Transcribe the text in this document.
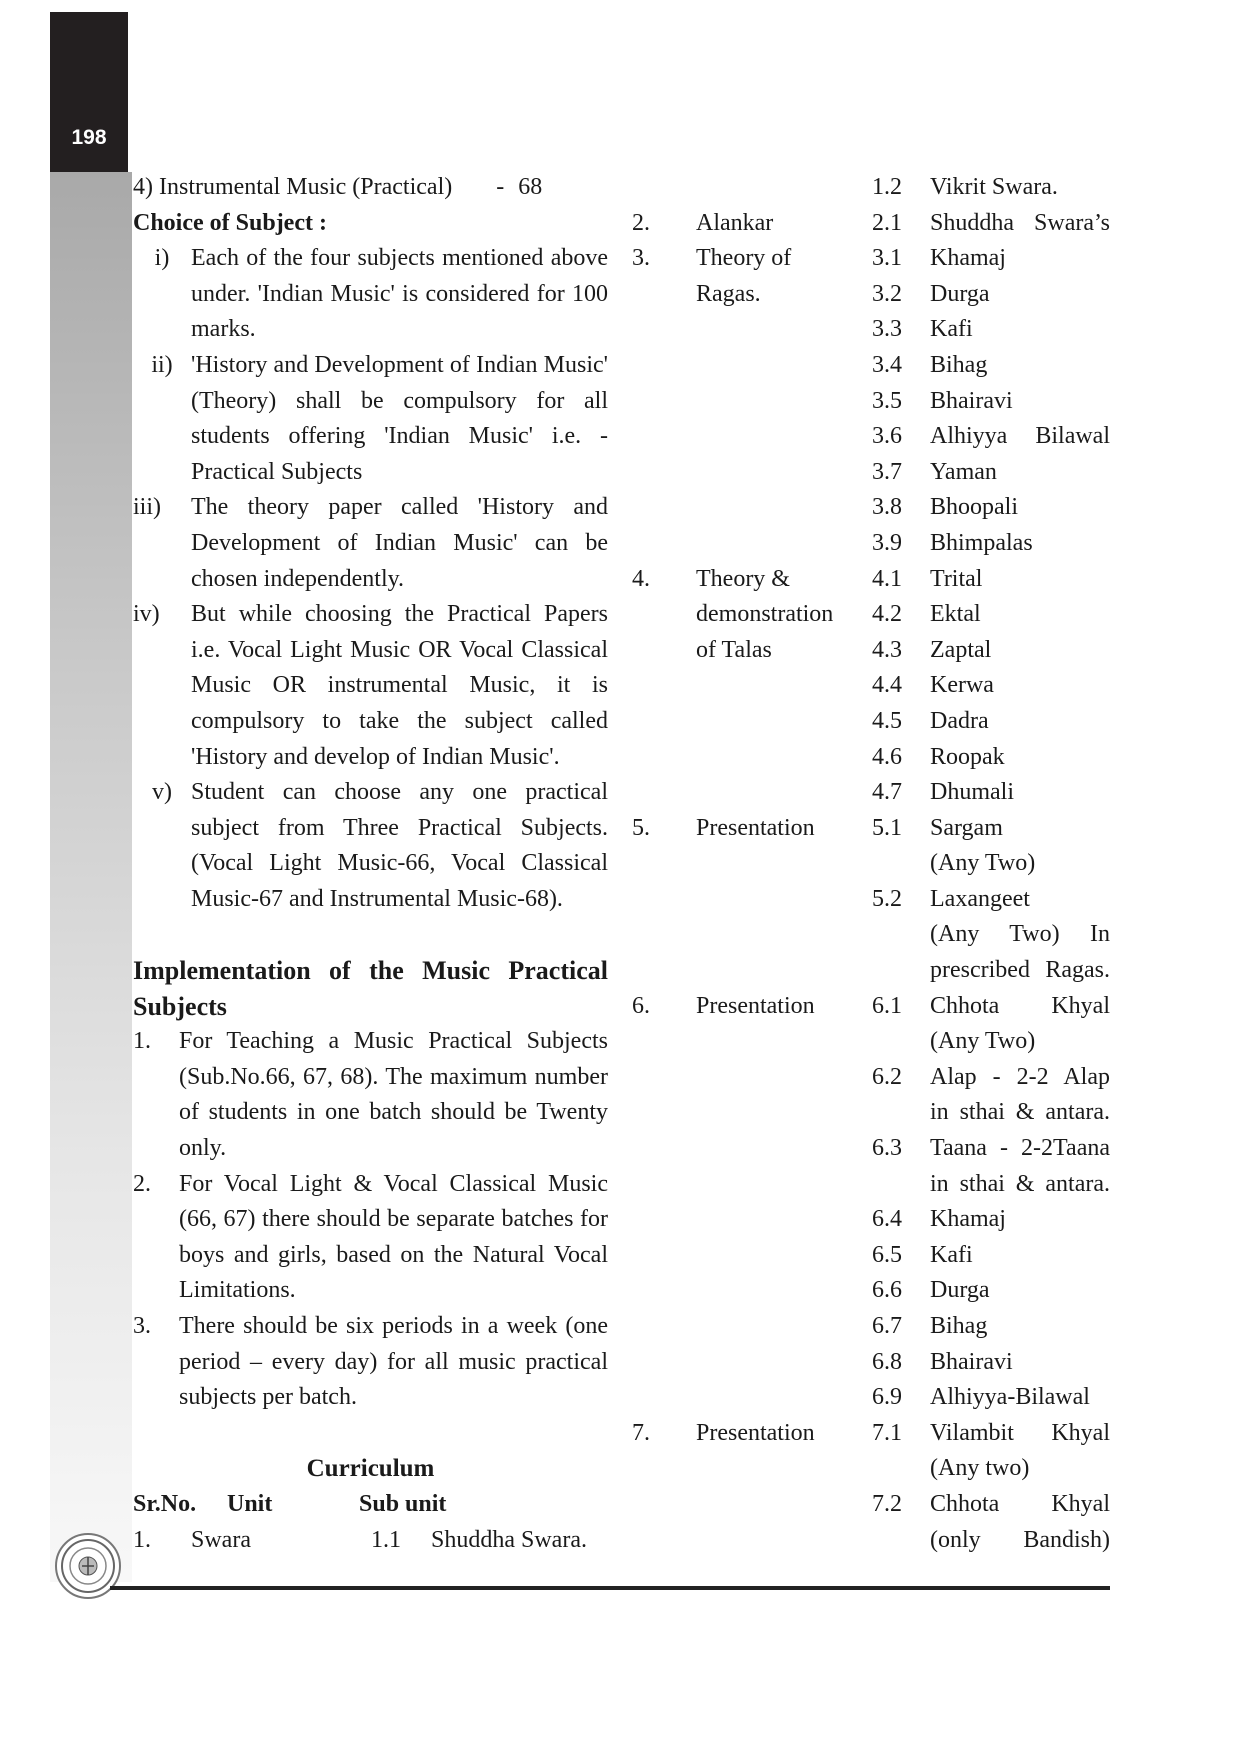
198
4) Instrumental Music (Practical) - 68
Choice of Subject :
i) Each of the four subjects mentioned above under. 'Indian Music' is considered for 100 marks.
ii) 'History and Development of Indian Music' (Theory) shall be compulsory for all students offering 'Indian Music' i.e. - Practical Subjects
iii)	The theory paper called 'History and Development of Indian Music' can be chosen independently.
iv)	But while choosing the Practical Papers i.e. Vocal Light Music OR Vocal Classical Music OR instrumental Music, it is compulsory to take the subject called 'History and develop of Indian Music'.
v) Student can choose any one practical subject from Three Practical Subjects. (Vocal Light Music-66, Vocal Classical Music-67 and Instrumental Music-68).
Implementation of the Music Practical
Subjects
1.	For Teaching a Music Practical Subjects (Sub.No.66, 67, 68). The maximum number of students in one batch should be Twenty only.
2.	For Vocal Light & Vocal Classical Music (66, 67) there should be separate batches for boys and girls, based on the Natural Vocal Limitations.
3.	There should be six periods in a week (one period – every day) for all music practical subjects per batch.
Curriculum
Sr.No. Unit	Sub unit
1. Swara	1.1 Shuddha Swara.
1.2 Vikrit Swara.
2. Alankar	2.1 Shuddha Swara’s
3. Theory of	3.1 Khamaj
Ragas.	3.2 Durga
3.3 Kafi
3.4 Bihag
3.5 Bhairavi
3.6 Alhiyya Bilawal
3.7 Yaman
3.8 Bhoopali
3.9 Bhimpalas
4. Theory &	4.1 Trital
demonstration 4.2 Ektal
of Talas	4.3 Zaptal
4.4 Kerwa
4.5 Dadra
4.6 Roopak
4.7 Dhumali
5. Presentation 5.1 Sargam
(Any Two)
5.2 Laxangeet
(Any Two) In
prescribed Ragas.
6. Presentation 6.1 Chhota Khyal
(Any Two)
6.2 Alap - 2-2 Alap
in sthai & antara.
6.3 Taana - 2-2Taana
in sthai & antara.
6.4 Khamaj
6.5 Kafi
6.6 Durga
6.7 Bihag
6.8 Bhairavi
6.9 Alhiyya-Bilawal
7. Presentation 7.1 Vilambit Khyal
(Any two)
7.2 Chhota Khyal
(only Bandish)
